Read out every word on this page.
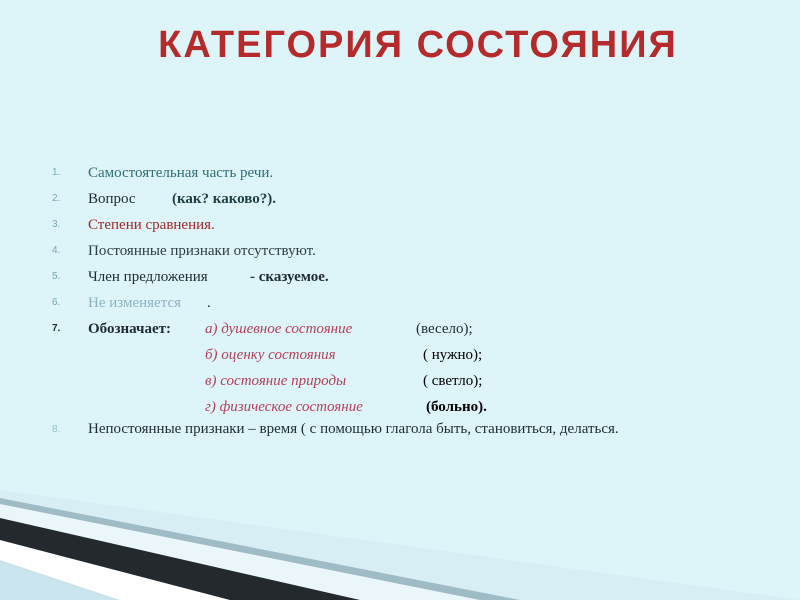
КАТЕГОРИЯ СОСТОЯНИЯ
1.	Самостоятельная часть речи.
2.	Вопрос (как? каково?).
3.	Степени сравнения.
4.	Постоянные признаки отсутствуют.
5.	Член предложения	- сказуемое.
6.	Не изменяется .
7.	Обозначает: а) душевное состояние	(весело);
б) оценку состояния	( нужно);
в) состояние природы	( светло);
г) физическое состояние	(больно).
8. Непостоянные признаки – время ( с помощью глагола быть, становиться, делаться.
